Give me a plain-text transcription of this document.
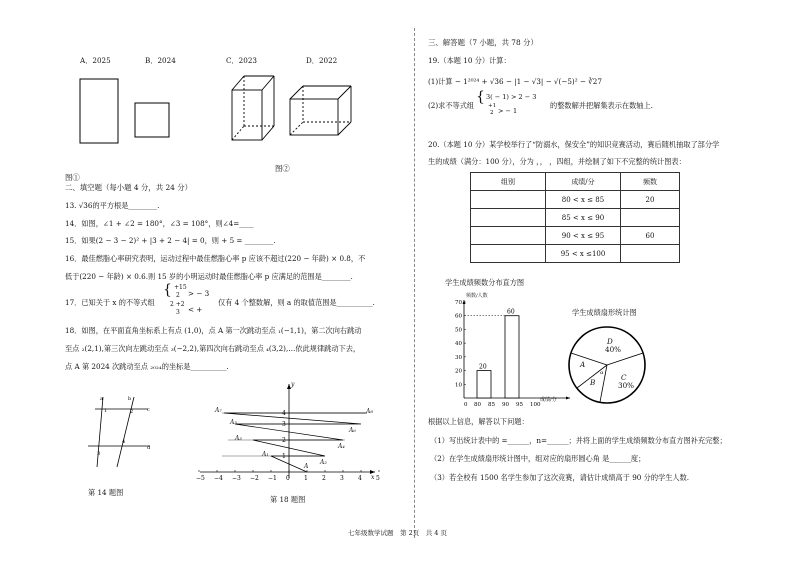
A．2025	B．2024	C．2023	D．2022
a	b
c
d
1	2
3
4
−5 −4 −3 −2 −1 0 1 2 3 4 5
1
2
3
4
图①
图②
二、填空题（每小题 4 分，共 24 分）
13. √36的平方根是________.
14．如图，∠1 + ∠2 = 180°，∠3 = 108°，则∠4=____
15．如果(2 − 3 − 2)² + |3 + 2 − 4| = 0，则 + 5 = ________.
16．最佳燃脂心率研究表明，运动过程中最佳燃脂心率 p 应该不超过(220 − 年龄) × 0.8，不
低于(220 − 年龄) × 0.6.则 15 岁的小明运动时最佳燃脂心率 p 应满足的范围是________.
17．已知关于 x 的不等式组
{ +15
2 > − 3
2 +2
3 < +
仅有 4 个整数解，则 a 的取值范围是__________.
18．如图，在平面直角坐标系上有点 (1,0)，点 A 第一次跳动至点 ₁(−1,1)，第二次向右跳动
至点 ₂(2,1),第三次向左跳动至点 ₃(−2,2),第四次向右跳动至点 ₄(3,2),…依此规律跳动下去，
点 A 第 2024 次跳动至点 ₂₀₂₄的坐标是__________.
第 14 题图
第 18 题图
A₇
A₅
A₃
A₁
A₈
A₆
A₄
A₂
A
x
y
三、解答题（7 小题，共 78 分）
19.（本题 10 分）计算：
(1)计算 − 1²⁰²⁴ + √36 − |1 − √3| − √(−5)² − ∛27
(2)求不等式组
{ 3( − 1) > 2 − 3
+1
2 > − 1
的整数解并把解集表示在数轴上.
20.（本题 10 分）某学校举行了“防溺水，保安全”的知识竞赛活动，赛后随机抽取了部分学
生的成绩（满分：100 分），分为 ，， ，四组，并绘制了如下不完整的统计图表：
组别	成绩/分	频数
	80 < x ≤ 85	20
	85 < x ≤ 90	
	90 < x ≤ 95	60
	95 < x ≤100	
学生成绩频数分布直方图
频数/人数
成绩/分
20
60
0 80 85 90 95 100
10
20
30
40
50
60
70
学生成绩扇形统计图
D
40%
A
B
α C
30%
根据以上信息，解答以下问题：
（1）写出统计表中的 =______，n=______；并将上面的学生成绩频数分布直方图补充完整；
（2）在学生成绩扇形统计图中，组对应的扇形圆心角 是______度；
（3）若全校有 1500 名学生参加了这次竞赛，请估计成绩高于 90 分的学生人数.
七年级数学试题　第 2页　共 4 页
